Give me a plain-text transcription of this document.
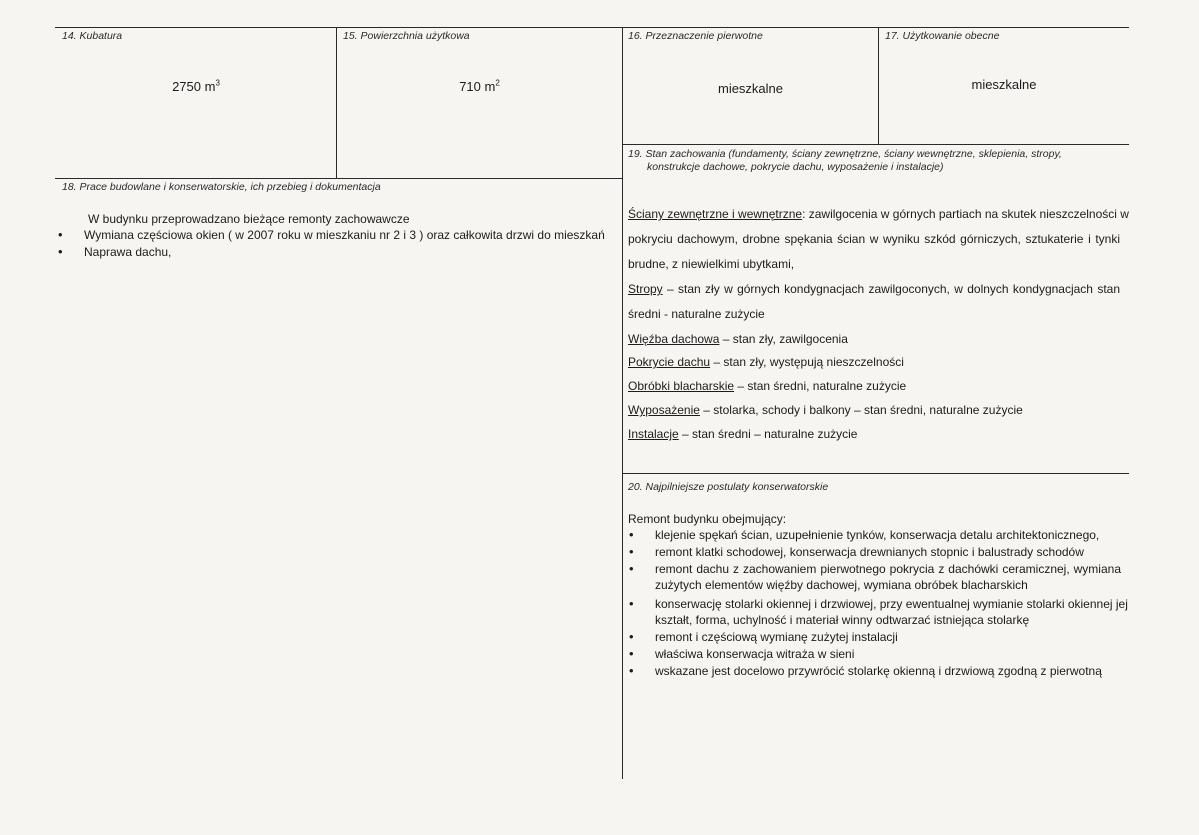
14. Kubatura
2750 $m^3$
15. Powierzchnia użytkowa
710 $m^2$
16. Przeznaczenie pierwotne
mieszkalne
17. Użytkowanie obecne
mieszkalne
18. Prace budowlane i konserwatorskie, ich przebieg i dokumentacja
W budynku przeprowadzano bieżące remonty zachowawcze
• Wymiana częściowa okien ( w 2007 roku w mieszkaniu nr 2 i 3 ) oraz całkowita drzwi do mieszkań
• Naprawa dachu,
19. Stan zachowania (fundamenty, ściany zewnętrzne, ściany wewnętrzne, sklepienia, stropy,
konstrukcje dachowe, pokrycie dachu, wyposażenie i instalacje)
Ściany zewnętrzne i wewnętrzne: zawilgocenia w górnych partiach na skutek nieszczelności w
pokryciu dachowym, drobne spękania ścian w wyniku szkód górniczych, sztukaterie i tynki
brudne, z niewielkimi ubytkami,
Stropy – stan zły w górnych kondygnacjach zawilgoconych, w dolnych kondygnacjach stan
średni - naturalne zużycie
Więźba dachowa – stan zły, zawilgocenia
Pokrycie dachu – stan zły, występują nieszczelności
Obróbki blacharskie – stan średni, naturalne zużycie
Wyposażenie – stolarka, schody i balkony – stan średni, naturalne zużycie
Instalacje – stan średni – naturalne zużycie
20. Najpilniejsze postulaty konserwatorskie
Remont budynku obejmujący:
• klejenie spękań ścian, uzupełnienie tynków, konserwacja detalu architektonicznego,
• remont klatki schodowej, konserwacja drewnianych stopnic i balustrady schodów
• remont dachu z zachowaniem pierwotnego pokrycia z dachówki ceramicznej, wymiana
zużytych elementów więźby dachowej, wymiana obróbek blacharskich
• konserwację stolarki okiennej i drzwiowej, przy ewentualnej wymianie stolarki okiennej jej
kształt, forma, uchylność i materiał winny odtwarzać istniejąca stolarkę
• remont i częściową wymianę zużytej instalacji
• właściwa konserwacja witraża w sieni
• wskazane jest docelowo przywrócić stolarkę okienną i drzwiową zgodną z pierwotną
